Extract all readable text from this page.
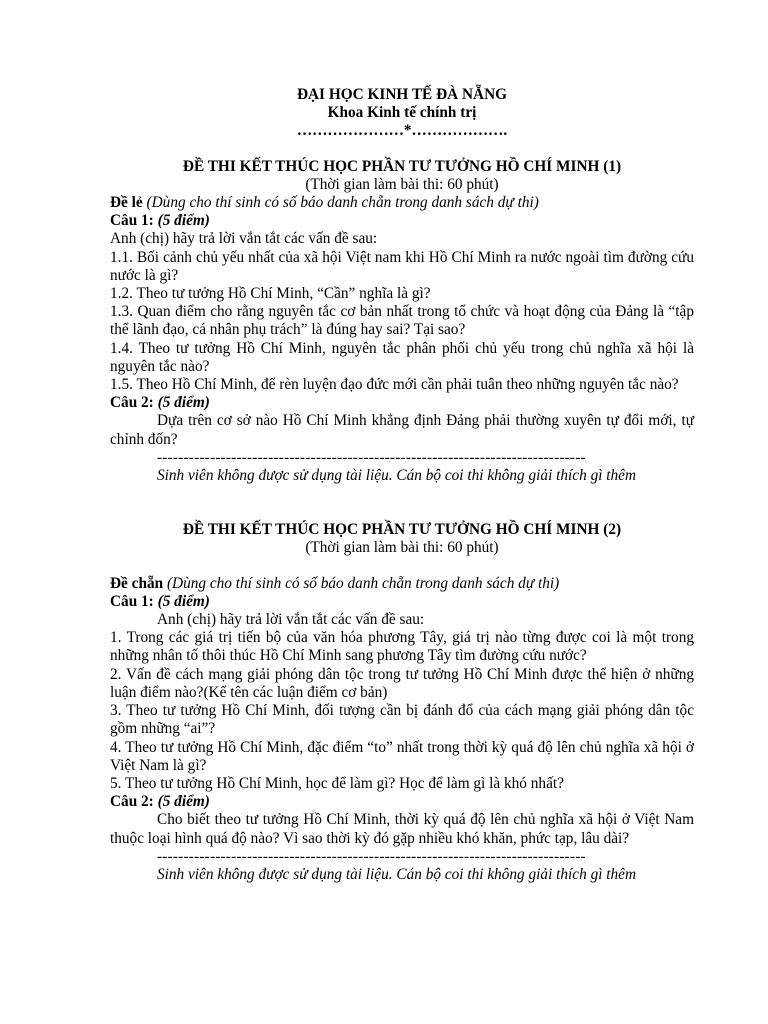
ĐẠI HỌC KINH TẾ ĐÀ NẴNG

Khoa Kinh tế chính trị

…………………*……………….

ĐỀ THI KẾT THÚC HỌC PHẦN TƯ TƯỞNG HỒ CHÍ MINH (1)

(Thời gian làm bài thi: 60 phút)

Đề lẻ (Dùng cho thí sinh có số báo danh chẵn trong danh sách dự thi)

Câu 1: (5 điểm)

Anh (chị) hãy trả lời vắn tắt các vấn đề sau:

1.1. Bối cảnh chủ yếu nhất của xã hội Việt nam khi Hồ Chí Minh ra nước ngoài tìm đường cứu nước là gì?

1.2. Theo tư tưởng Hồ Chí Minh, “Cần” nghĩa là gì?

1.3. Quan điểm cho rằng nguyên tắc cơ bản nhất trong tổ chức và hoạt động của Đảng là “tập thể lãnh đạo, cá nhân phụ trách” là đúng hay sai? Tại sao?

1.4. Theo tư tưởng Hồ Chí Minh, nguyên tắc phân phối chủ yếu trong chủ nghĩa xã hội là nguyên tắc nào?

1.5. Theo Hồ Chí Minh, để rèn luyện đạo đức mới cần phải tuân theo những nguyên tắc nào?

Câu 2: (5 điểm)

Dựa trên cơ sở nào Hồ Chí Minh khẳng định Đảng phải thường xuyên tự đổi mới, tự chỉnh đốn?

---------------------------------------------------------------------------------

Sinh viên không được sử dụng tài liệu. Cán bộ coi thi không giải thích gì thêm

ĐỀ THI KẾT THÚC HỌC PHẦN TƯ TƯỞNG HỒ CHÍ MINH (2)

(Thời gian làm bài thi: 60 phút)

Đề chẵn (Dùng cho thí sinh có số báo danh chẵn trong danh sách dự thi)

Câu 1: (5 điểm)

Anh (chị) hãy trả lời vắn tắt các vấn đề sau:

1. Trong các giá trị tiến bộ của văn hóa phương Tây, giá trị nào từng được coi là một trong những nhân tố thôi thúc Hồ Chí Minh sang phương Tây tìm đường cứu nước?

2. Vấn đề cách mạng giải phóng dân tộc trong tư tưởng Hồ Chí Minh được thể hiện ở những luận điểm nào?(Kể tên các luận điểm cơ bản)

3. Theo tư tưởng Hồ Chí Minh, đối tượng cần bị đánh đổ của cách mạng giải phóng dân tộc gồm những “ai”?

4. Theo tư tưởng Hồ Chí Minh, đặc điểm “to” nhất trong thời kỳ quá độ lên chủ nghĩa xã hội ở Việt Nam là gì?

5. Theo tư tưởng Hồ Chí Minh, học để làm gì? Học để làm gì là khó nhất?

Câu 2: (5 điểm)

Cho biết theo tư tưởng Hồ Chí Minh, thời kỳ quá độ lên chủ nghĩa xã hội ở Việt Nam thuộc loại hình quá độ nào? Vì sao thời kỳ đó gặp nhiều khó khăn, phức tạp, lâu dài?

---------------------------------------------------------------------------------

Sinh viên không được sử dụng tài liệu. Cán bộ coi thi không giải thích gì thêm
